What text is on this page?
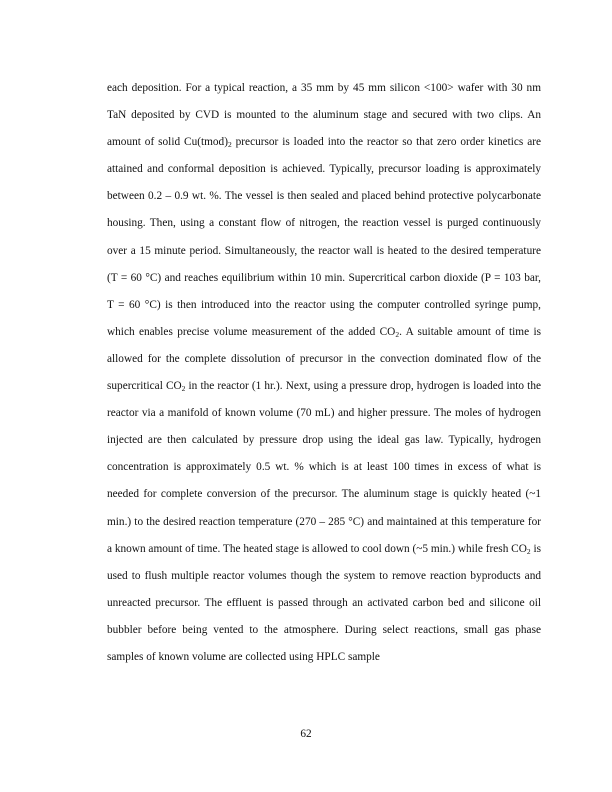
each deposition. For a typical reaction, a 35 mm by 45 mm silicon <100> wafer with 30 nm TaN deposited by CVD is mounted to the aluminum stage and secured with two clips. An amount of solid $Cu(tmod)_2$ precursor is loaded into the reactor so that zero order kinetics are attained and conformal deposition is achieved. Typically, precursor loading is approximately between 0.2 – 0.9 wt. %. The vessel is then sealed and placed behind protective polycarbonate housing. Then, using a constant flow of nitrogen, the reaction vessel is purged continuously over a 15 minute period. Simultaneously, the reactor wall is heated to the desired temperature (T = 60 °C) and reaches equilibrium within 10 min. Supercritical carbon dioxide (P = 103 bar, T = 60 °C) is then introduced into the reactor using the computer controlled syringe pump, which enables precise volume measurement of the added $CO_2$. A suitable amount of time is allowed for the complete dissolution of precursor in the convection dominated flow of the supercritical $CO_2$ in the reactor (1 hr.). Next, using a pressure drop, hydrogen is loaded into the reactor via a manifold of known volume (70 mL) and higher pressure. The moles of hydrogen injected are then calculated by pressure drop using the ideal gas law. Typically, hydrogen concentration is approximately 0.5 wt. % which is at least 100 times in excess of what is needed for complete conversion of the precursor. The aluminum stage is quickly heated (~1 min.) to the desired reaction temperature (270 – 285 °C) and maintained at this temperature for a known amount of time. The heated stage is allowed to cool down (~5 min.) while fresh $CO_2$ is used to flush multiple reactor volumes though the system to remove reaction byproducts and unreacted precursor. The effluent is passed through an activated carbon bed and silicone oil bubbler before being vented to the atmosphere. During select reactions, small gas phase samples of known volume are collected using HPLC sample

62
